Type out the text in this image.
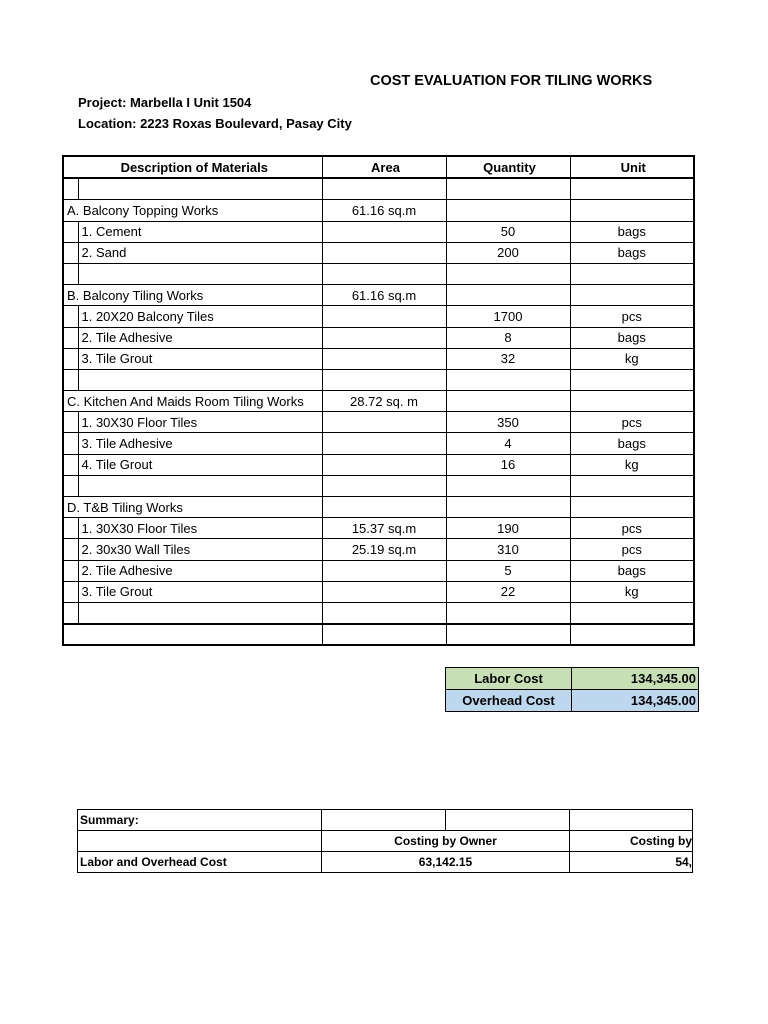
COST EVALUATION FOR TILING WORKS
Project: Marbella I Unit 1504
Location: 2223 Roxas Boulevard, Pasay City
Description of Materials		Area	Quantity	Unit

A. Balcony Topping Works		61.16 sq.m		
	1. Cement		50	bags
	2. Sand		200	bags

B. Balcony Tiling Works		61.16 sq.m		
	1. 20X20 Balcony Tiles		1700	pcs
	2. Tile Adhesive		8	bags
	3. Tile Grout		32	kg

C. Kitchen And Maids Room Tiling Works		28.72 sq. m		
	1. 30X30 Floor Tiles		350	pcs
	3. Tile Adhesive		4	bags
	4. Tile Grout		16	kg

D. T&B Tiling Works				
	1. 30X30 Floor Tiles	15.37 sq.m	190	pcs
	2. 30x30 Wall Tiles	25.19 sq.m	310	pcs
	2. Tile Adhesive		5	bags
	3. Tile Grout		22	kg

Labor Cost	134,345.00
Overhead Cost	134,345.00
Summary:			
	Costing by Owner		Costing by
Labor and Overhead Cost	63,142.15		54,
